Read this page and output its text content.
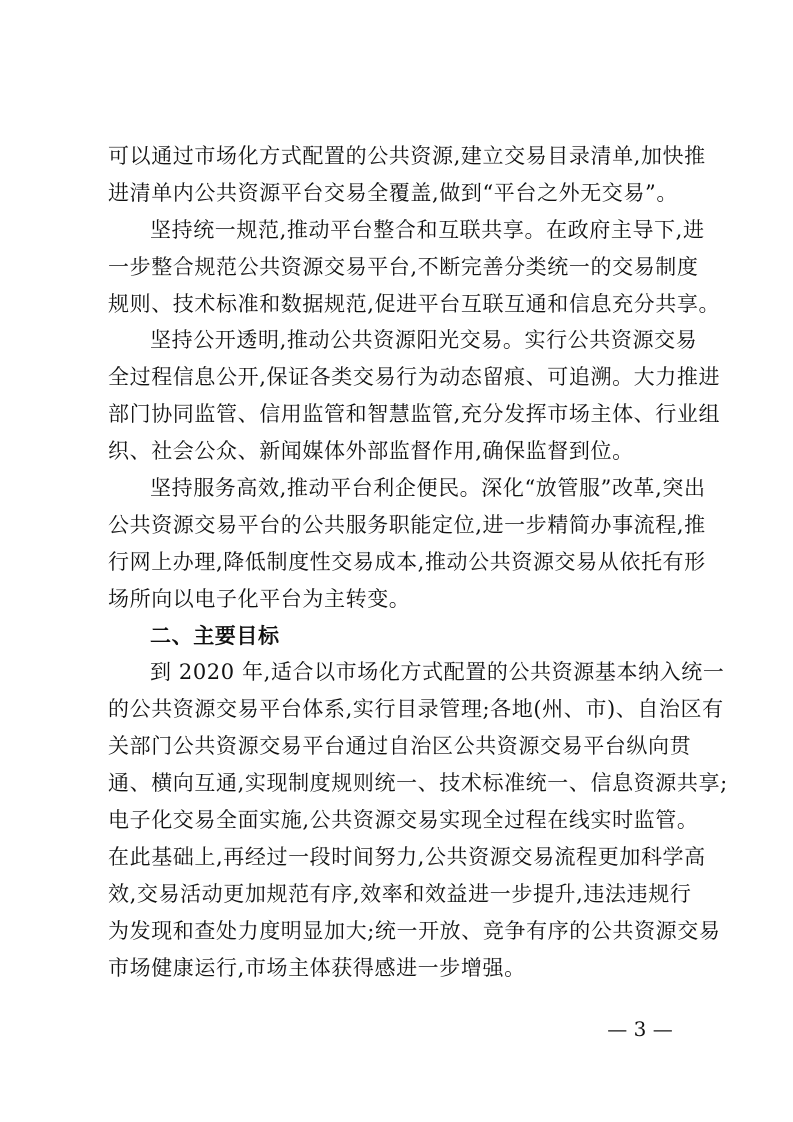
可以通过市场化方式配置的公共资源,建立交易目录清单,加快推
进清单内公共资源平台交易全覆盖,做到“平台之外无交易”。
坚持统一规范,推动平台整合和互联共享。在政府主导下,进
一步整合规范公共资源交易平台,不断完善分类统一的交易制度
规则、技术标准和数据规范,促进平台互联互通和信息充分共享。
坚持公开透明,推动公共资源阳光交易。实行公共资源交易
全过程信息公开,保证各类交易行为动态留痕、可追溯。大力推进
部门协同监管、信用监管和智慧监管,充分发挥市场主体、行业组
织、社会公众、新闻媒体外部监督作用,确保监督到位。
坚持服务高效,推动平台利企便民。深化“放管服”改革,突出
公共资源交易平台的公共服务职能定位,进一步精简办事流程,推
行网上办理,降低制度性交易成本,推动公共资源交易从依托有形
场所向以电子化平台为主转变。
二、主要目标
到 2020 年,适合以市场化方式配置的公共资源基本纳入统一
的公共资源交易平台体系,实行目录管理;各地(州、市)、自治区有
关部门公共资源交易平台通过自治区公共资源交易平台纵向贯
通、横向互通,实现制度规则统一、技术标准统一、信息资源共享;
电子化交易全面实施,公共资源交易实现全过程在线实时监管。
在此基础上,再经过一段时间努力,公共资源交易流程更加科学高
效,交易活动更加规范有序,效率和效益进一步提升,违法违规行
为发现和查处力度明显加大;统一开放、竞争有序的公共资源交易
市场健康运行,市场主体获得感进一步增强。
— 3 —
